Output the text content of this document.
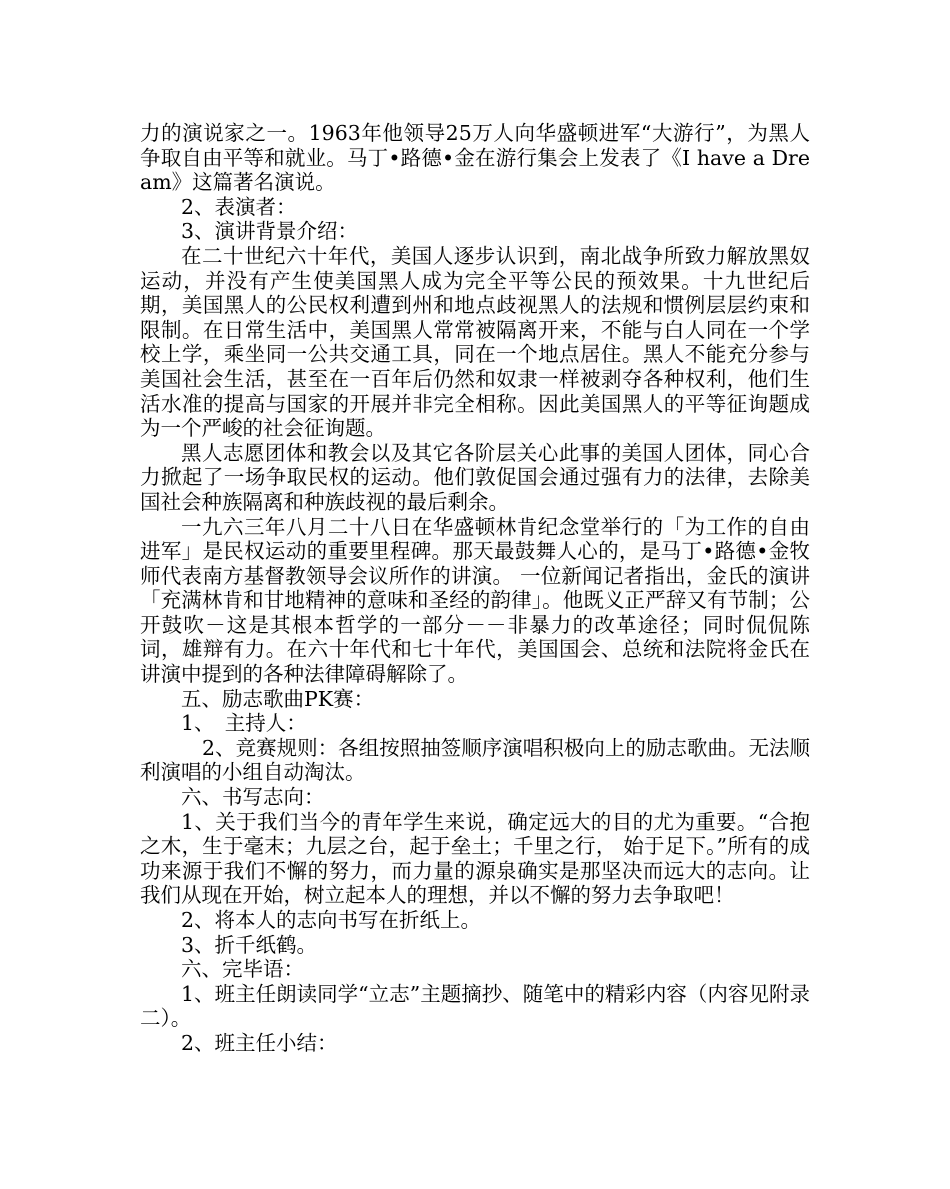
力的演说家之一。1963年他领导25万人向华盛顿进军“大游行”，为黑人争取自由平等和就业。马丁•路德•金在游行集会上发表了《I have a Dream》这篇著名演说。

2、表演者：

3、演讲背景介绍：

在二十世纪六十年代，美国人逐步认识到，南北战争所致力解放黑奴运动，并没有产生使美国黑人成为完全平等公民的预效果。十九世纪后期，美国黑人的公民权利遭到州和地点歧视黑人的法规和惯例层层约束和限制。在日常生活中，美国黑人常常被隔离开来，不能与白人同在一个学校上学，乘坐同一公共交通工具，同在一个地点居住。黑人不能充分参与美国社会生活，甚至在一百年后仍然和奴隶一样被剥夺各种权利，他们生活水准的提高与国家的开展并非完全相称。因此美国黑人的平等征询题成为一个严峻的社会征询题。

黑人志愿团体和教会以及其它各阶层关心此事的美国人团体，同心合力掀起了一场争取民权的运动。他们敦促国会通过强有力的法律，去除美国社会种族隔离和种族歧视的最后剩余。

一九六三年八月二十八日在华盛顿林肯纪念堂举行的「为工作的自由进军」是民权运动的重要里程碑。那天最鼓舞人心的，是马丁•路德•金牧师代表南方基督教领导会议所作的讲演。 一位新闻记者指出，金氏的演讲「充满林肯和甘地精神的意味和圣经的韵律」。他既义正严辞又有节制；公开鼓吹－这是其根本哲学的一部分－－非暴力的改革途径；同时侃侃陈词，雄辩有力。在六十年代和七十年代，美国国会、总统和法院将金氏在讲演中提到的各种法律障碍解除了。

五、励志歌曲PK赛：

1、　主持人：

2、竞赛规则：各组按照抽签顺序演唱积极向上的励志歌曲。无法顺利演唱的小组自动淘汰。

六、书写志向：

1、关于我们当今的青年学生来说，确定远大的目的尤为重要。“合抱之木，生于毫末；九层之台，起于垒土；千里之行， 始于足下。”所有的成功来源于我们不懈的努力，而力量的源泉确实是那坚决而远大的志向。让我们从现在开始，树立起本人的理想，并以不懈的努力去争取吧！

2、将本人的志向书写在折纸上。

3、折千纸鹤。

六、完毕语：

1、班主任朗读同学“立志”主题摘抄、随笔中的精彩内容（内容见附录二）。

2、班主任小结：
